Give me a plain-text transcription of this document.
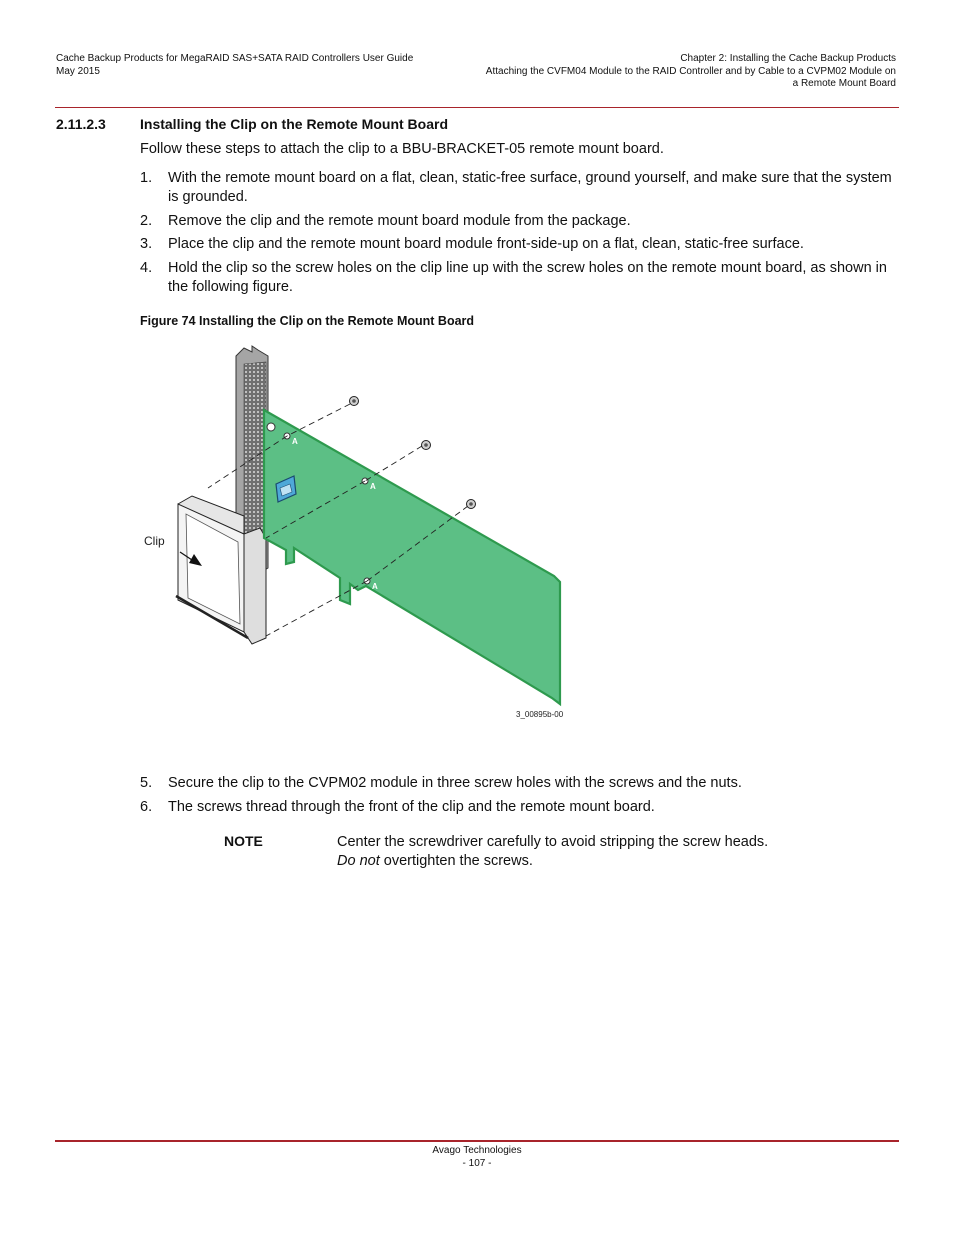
Cache Backup Products for MegaRAID SAS+SATA RAID Controllers User Guide
May 2015
Chapter 2: Installing the Cache Backup Products
Attaching the CVFM04 Module to the RAID Controller and by Cable to a CVPM02 Module on
a Remote Mount Board
2.11.2.3 Installing the Clip on the Remote Mount Board
Follow these steps to attach the clip to a BBU-BRACKET-05 remote mount board.
1.	With the remote mount board on a flat, clean, static-free surface, ground yourself, and make sure that the system is grounded.
2.	Remove the clip and the remote mount board module from the package.
3.	Place the clip and the remote mount board module front-side-up on a flat, clean, static-free surface.
4.	Hold the clip so the screw holes on the clip line up with the screw holes on the remote mount board, as shown in the following figure.
Figure 74 Installing the Clip on the Remote Mount Board
Clip
A
A
A
3_00895b-00
5.	Secure the clip to the CVPM02 module in three screw holes with the screws and the nuts.
6.	The screws thread through the front of the clip and the remote mount board.
NOTE	Center the screwdriver carefully to avoid stripping the screw heads.
Do not overtighten the screws.
Avago Technologies
- 107 -
